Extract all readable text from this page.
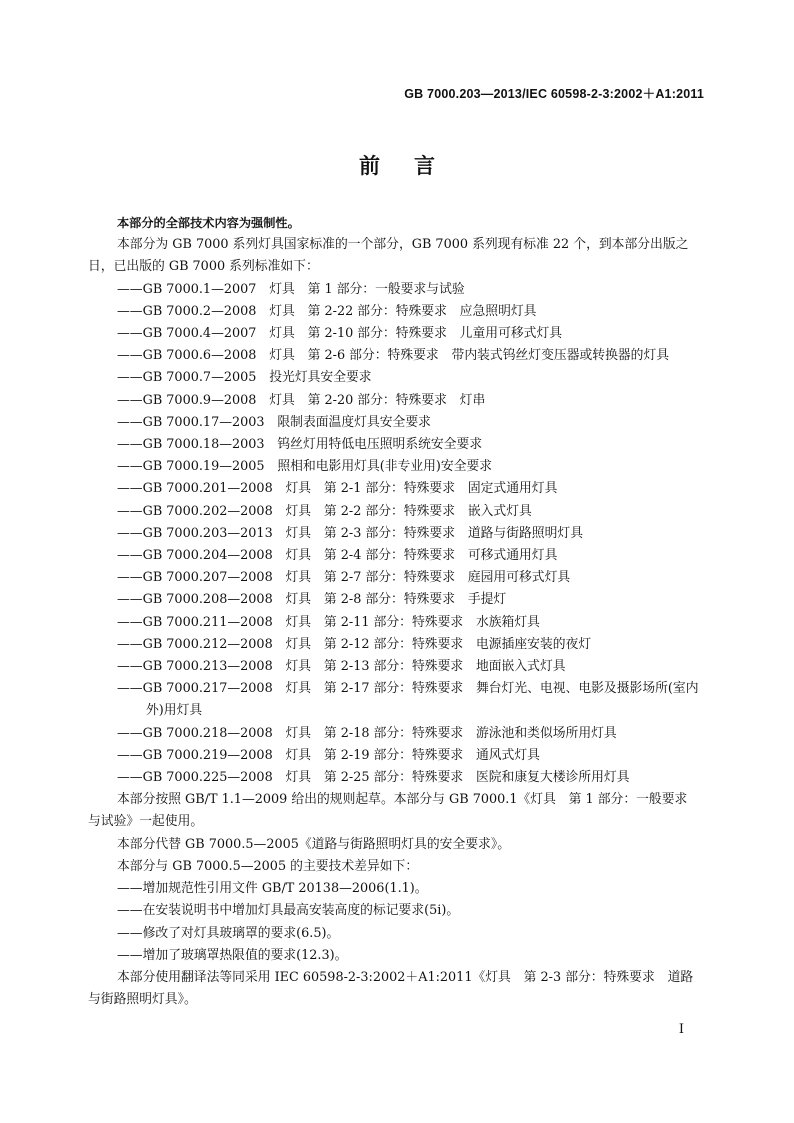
GB 7000.203—2013/IEC 60598-2-3:2002＋A1:2011
前言

本部分的全部技术内容为强制性。

本部分为 GB 7000 系列灯具国家标准的一个部分，GB 7000 系列现有标准 22 个，到本部分出版之
日，已出版的 GB 7000 系列标准如下：
——GB 7000.1—2007　灯具　第 1 部分：一般要求与试验
——GB 7000.2—2008　灯具　第 2-22 部分：特殊要求　应急照明灯具
——GB 7000.4—2007　灯具　第 2-10 部分：特殊要求　儿童用可移式灯具
——GB 7000.6—2008　灯具　第 2-6 部分：特殊要求　带内装式钨丝灯变压器或转换器的灯具
——GB 7000.7—2005　投光灯具安全要求
——GB 7000.9—2008　灯具　第 2-20 部分：特殊要求　灯串
——GB 7000.17—2003　限制表面温度灯具安全要求
——GB 7000.18—2003　钨丝灯用特低电压照明系统安全要求
——GB 7000.19—2005　照相和电影用灯具(非专业用)安全要求
——GB 7000.201—2008　灯具　第 2-1 部分：特殊要求　固定式通用灯具
——GB 7000.202—2008　灯具　第 2-2 部分：特殊要求　嵌入式灯具
——GB 7000.203—2013　灯具　第 2-3 部分：特殊要求　道路与街路照明灯具
——GB 7000.204—2008　灯具　第 2-4 部分：特殊要求　可移式通用灯具
——GB 7000.207—2008　灯具　第 2-7 部分：特殊要求　庭园用可移式灯具
——GB 7000.208—2008　灯具　第 2-8 部分：特殊要求　手提灯
——GB 7000.211—2008　灯具　第 2-11 部分：特殊要求　水族箱灯具
——GB 7000.212—2008　灯具　第 2-12 部分：特殊要求　电源插座安装的夜灯
——GB 7000.213—2008　灯具　第 2-13 部分：特殊要求　地面嵌入式灯具
——GB 7000.217—2008　灯具　第 2-17 部分：特殊要求　舞台灯光、电视、电影及摄影场所(室内
外)用灯具
——GB 7000.218—2008　灯具　第 2-18 部分：特殊要求　游泳池和类似场所用灯具
——GB 7000.219—2008　灯具　第 2-19 部分：特殊要求　通风式灯具
——GB 7000.225—2008　灯具　第 2-25 部分：特殊要求　医院和康复大楼诊所用灯具
本部分按照 GB/T 1.1—2009 给出的规则起草。本部分与 GB 7000.1《灯具　第 1 部分：一般要求
与试验》一起使用。

本部分代替 GB 7000.5—2005《道路与街路照明灯具的安全要求》。

本部分与 GB 7000.5—2005 的主要技术差异如下：

——增加规范性引用文件 GB/T 20138—2006(1.1)。
——在安装说明书中增加灯具最高安装高度的标记要求(5i)。
——修改了对灯具玻璃罩的要求(6.5)。
——增加了玻璃罩热限值的要求(12.3)。
本部分使用翻译法等同采用 IEC 60598-2-3:2002＋A1:2011《灯具　第 2-3 部分：特殊要求　道路
与街路照明灯具》。
I
